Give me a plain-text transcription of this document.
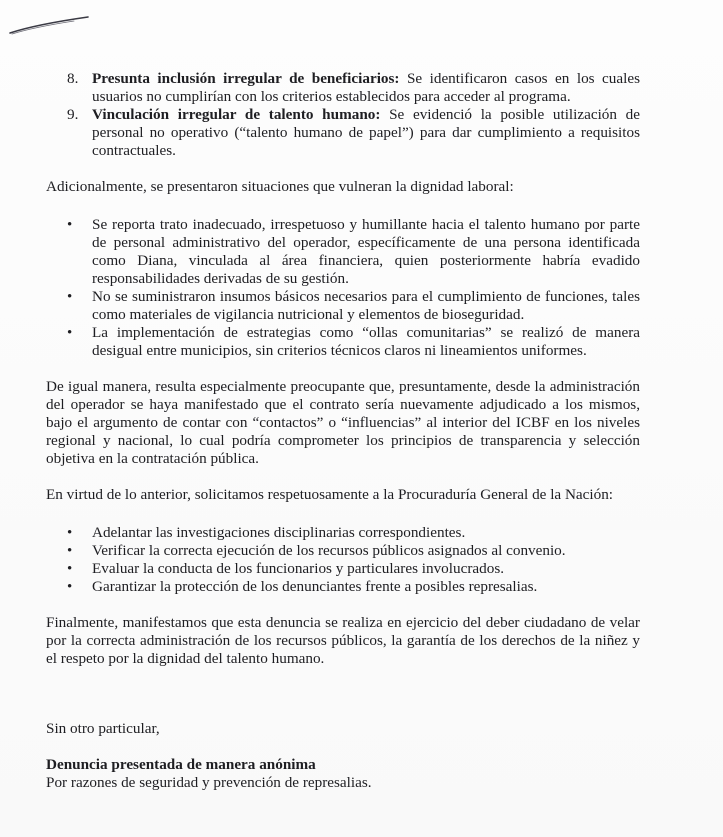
8. Presunta inclusión irregular de beneficiarios: Se identificaron casos en los cuales usuarios no cumplirían con los criterios establecidos para acceder al programa.
9. Vinculación irregular de talento humano: Se evidenció la posible utilización de personal no operativo (“talento humano de papel”) para dar cumplimiento a requisitos contractuales.

Adicionalmente, se presentaron situaciones que vulneran la dignidad laboral:

• Se reporta trato inadecuado, irrespetuoso y humillante hacia el talento humano por parte de personal administrativo del operador, específicamente de una persona identificada como Diana, vinculada al área financiera, quien posteriormente habría evadido responsabilidades derivadas de su gestión.
• No se suministraron insumos básicos necesarios para el cumplimiento de funciones, tales como materiales de vigilancia nutricional y elementos de bioseguridad.
• La implementación de estrategias como “ollas comunitarias” se realizó de manera desigual entre municipios, sin criterios técnicos claros ni lineamientos uniformes.

De igual manera, resulta especialmente preocupante que, presuntamente, desde la administración del operador se haya manifestado que el contrato sería nuevamente adjudicado a los mismos, bajo el argumento de contar con “contactos” o “influencias” al interior del ICBF en los niveles regional y nacional, lo cual podría comprometer los principios de transparencia y selección objetiva en la contratación pública.

En virtud de lo anterior, solicitamos respetuosamente a la Procuraduría General de la Nación:

• Adelantar las investigaciones disciplinarias correspondientes.
• Verificar la correcta ejecución de los recursos públicos asignados al convenio.
• Evaluar la conducta de los funcionarios y particulares involucrados.
• Garantizar la protección de los denunciantes frente a posibles represalias.

Finalmente, manifestamos que esta denuncia se realiza en ejercicio del deber ciudadano de velar por la correcta administración de los recursos públicos, la garantía de los derechos de la niñez y el respeto por la dignidad del talento humano.

Sin otro particular,

Denuncia presentada de manera anónima
Por razones de seguridad y prevención de represalias.
